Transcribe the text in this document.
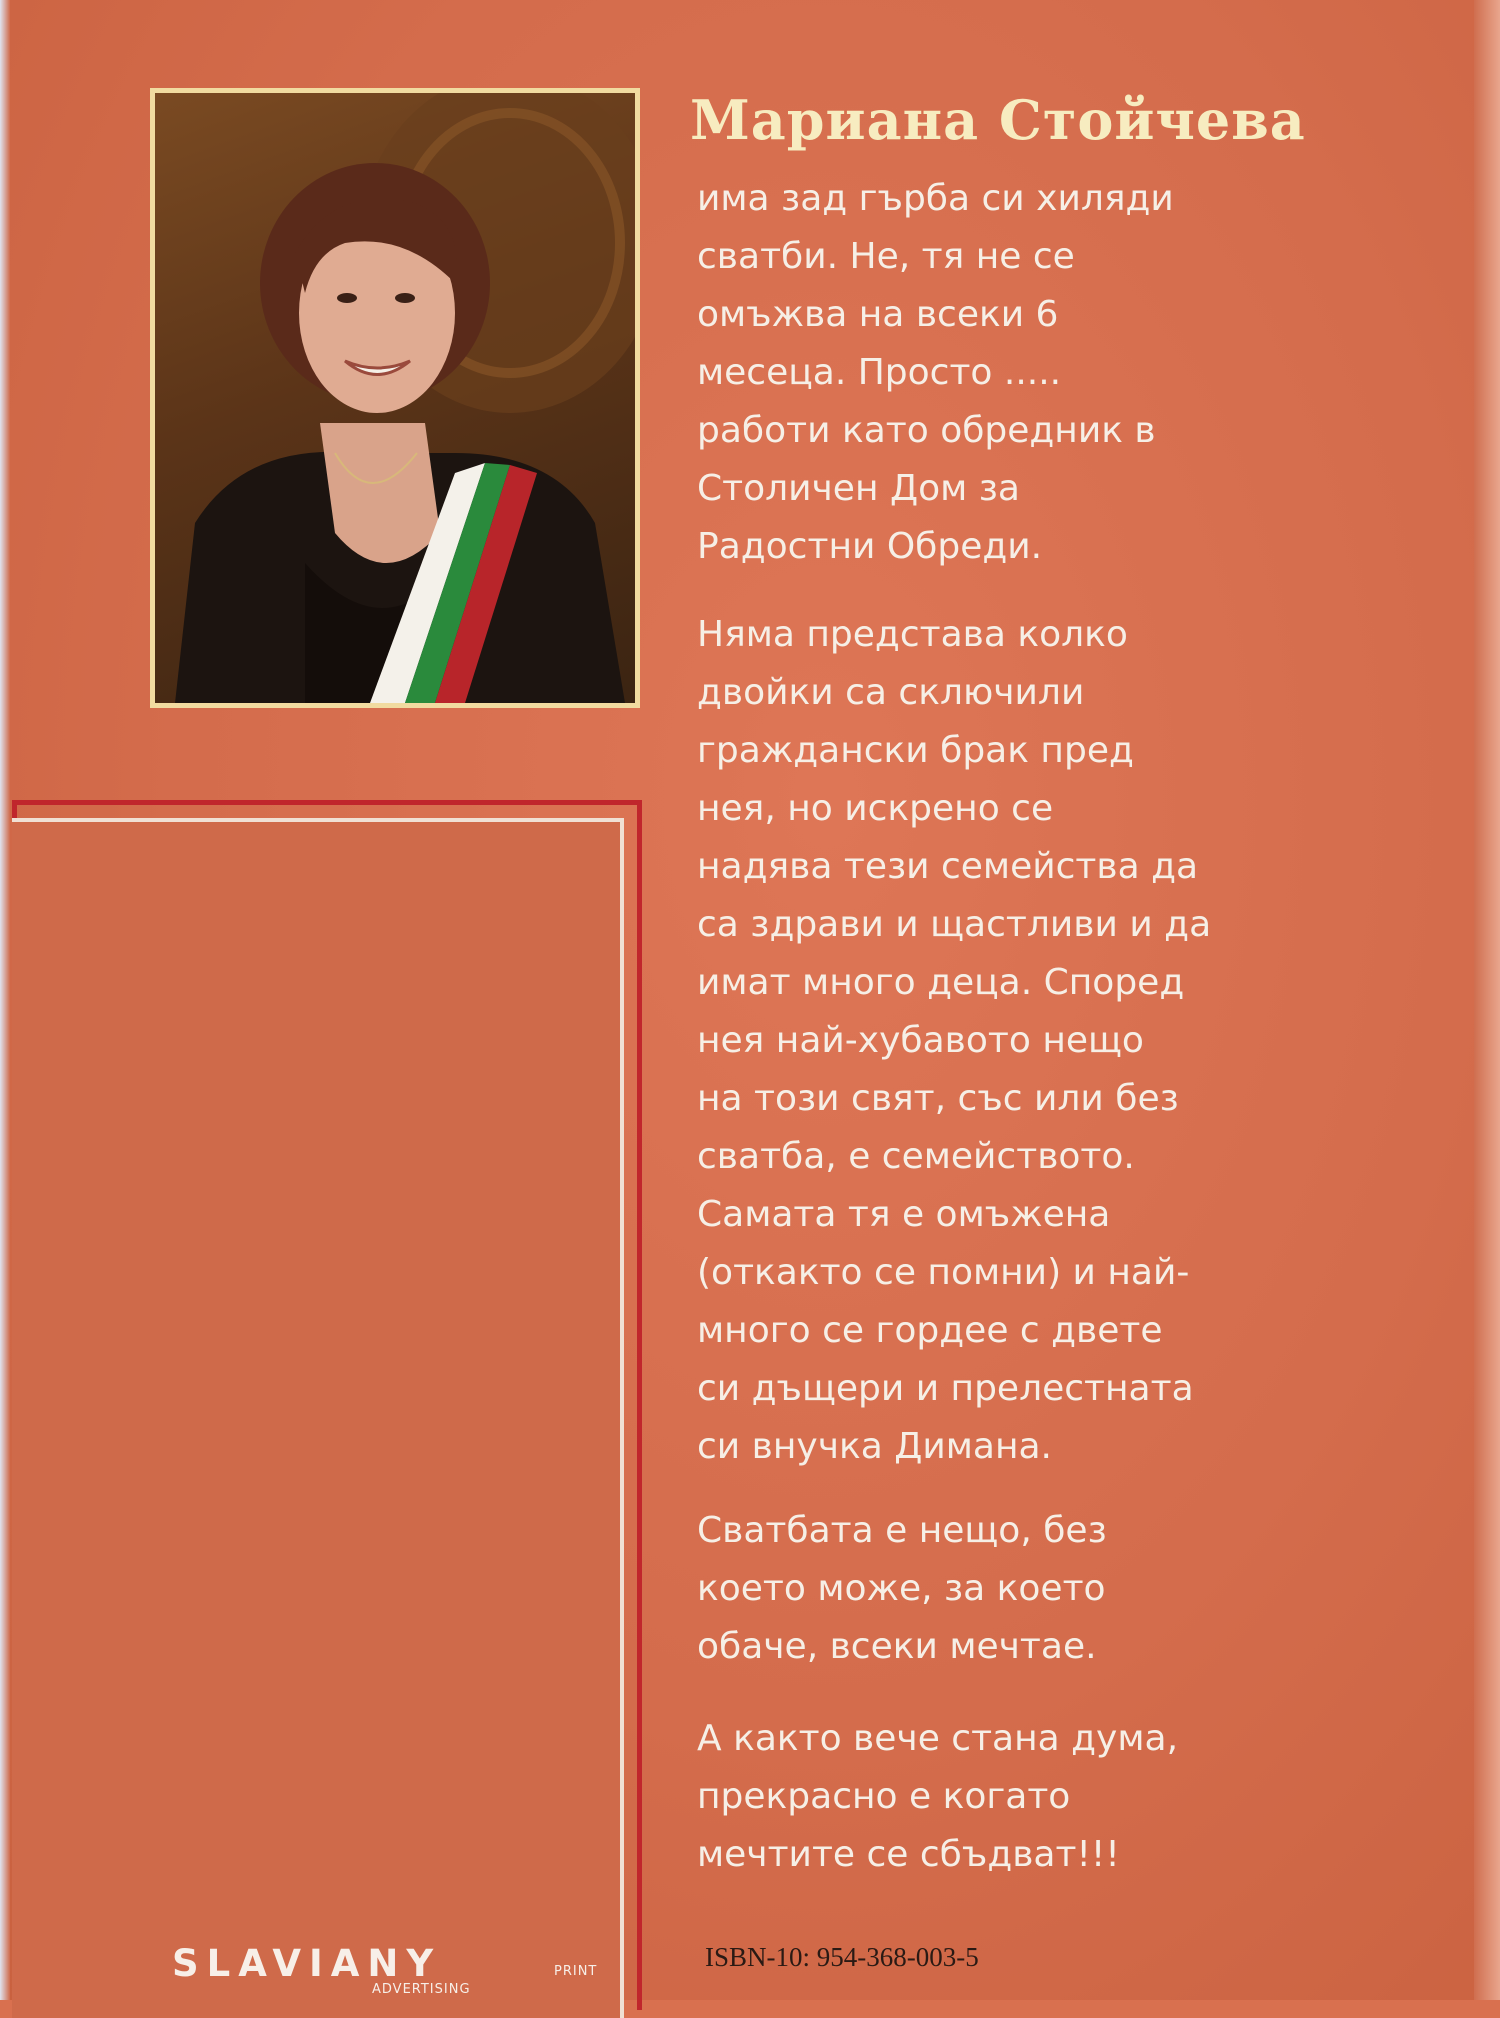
SLAVIANY	PRINT
ADVERTISING
Мариана Стойчева

има зад гърба си хиляди
сватби. Не, тя не се
омъжва на всеки 6
месеца. Просто .....
работи като обредник в
Столичен Дом за
Радостни Обреди.

Няма представа колко
двойки са сключили
граждански брак пред
нея, но искрено се
надява тези семейства да
са здрави и щастливи и да
имат много деца. Според
нея най-хубавото нещо
на този свят, със или без
сватба, е семейството.
Самата тя е омъжена
(откакто се помни) и най-
много се гордее с двете
си дъщери и прелестната
си внучка Димана.

Сватбата е нещо, без
което може, за което
обаче, всеки мечтае.

А както вече стана дума,
прекрасно е когато
мечтите се сбъдват!!!

ISBN-10: 954-368-003-5
